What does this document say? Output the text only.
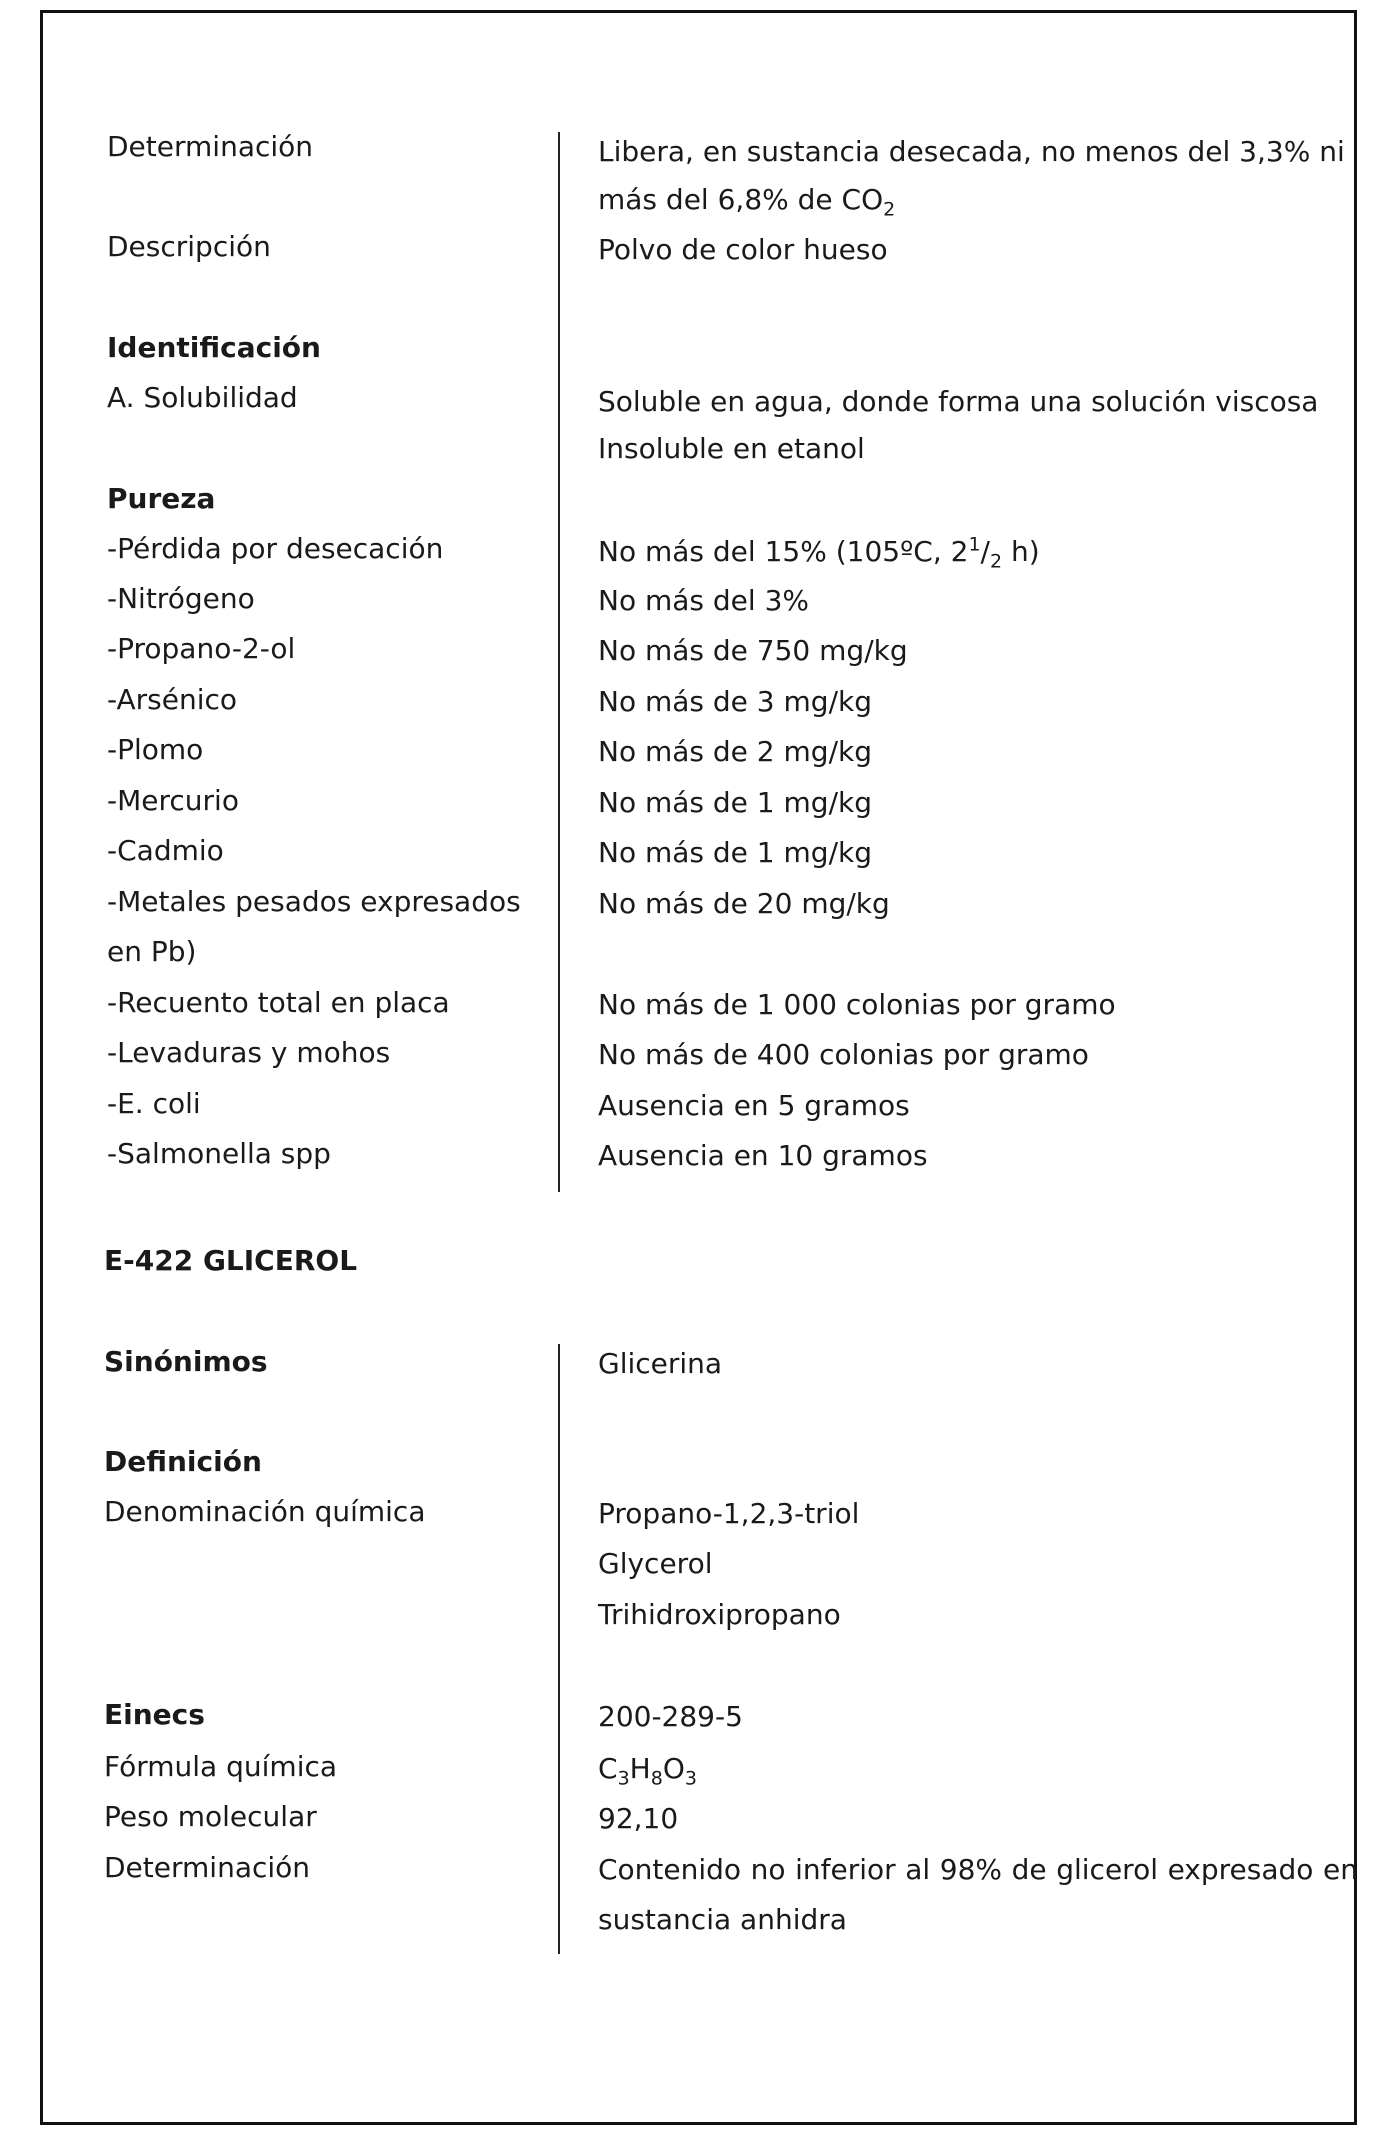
Determinación	Libera, en sustancia desecada, no menos del 3,3% ni
más del 6,8% de $CO_2$
Descripción	Polvo de color hueso
Identificación
A. Solubilidad	Soluble en agua, donde forma una solución viscosa
Insoluble en etanol
Pureza
-Pérdida por desecación	No más del 15% (105ºC, $2^1/_2$ h)
-Nitrógeno	No más del 3%
-Propano-2-ol	No más de 750 mg/kg
-Arsénico	No más de 3 mg/kg
-Plomo	No más de 2 mg/kg
-Mercurio	No más de 1 mg/kg
-Cadmio	No más de 1 mg/kg
-Metales pesados expresados	No más de 20 mg/kg
en Pb)
-Recuento total en placa	No más de 1 000 colonias por gramo
-Levaduras y mohos	No más de 400 colonias por gramo
-E. coli	Ausencia en 5 gramos
-Salmonella spp	Ausencia en 10 gramos
E-422 GLICEROL
Sinónimos	Glicerina
Definición
Denominación química	Propano-1,2,3-triol
Glycerol
Trihidroxipropano
Einecs	200-289-5
Fórmula química	$C_3H_8O_3$
Peso molecular	92,10
Determinación	Contenido no inferior al 98% de glicerol expresado en
sustancia anhidra
